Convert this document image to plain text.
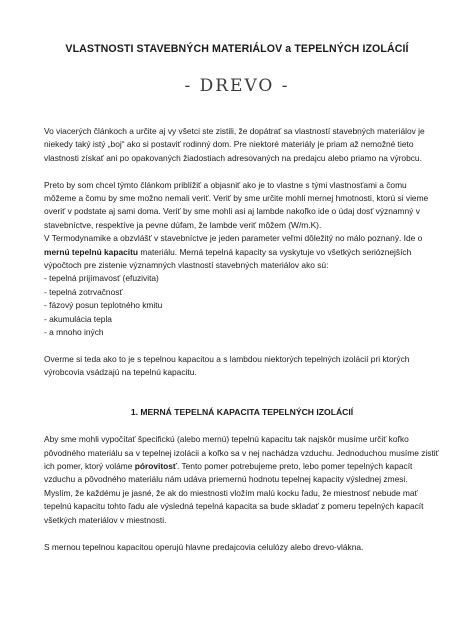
VLASTNOSTI STAVEBNÝCH MATERIÁLOV a TEPELNÝCH IZOLÁCIÍ
- DREVO -

Vo viacerých článkoch a určite aj vy všetci ste zistili, že dopátrať sa vlastností stavebných materiálov je niekedy taký istý „boj“ ako si postaviť rodinný dom. Pre niektoré materiály je priam až nemožné tieto vlastnosti získať ani po opakovaných žiadostiach adresovaných na predajcu alebo priamo na výrobcu.

Preto by som chcel týmto článkom priblížiť a objasniť ako je to vlastne s tými vlastnosťami a čomu môžeme a čomu by sme možno nemali veriť. Veriť by sme určite mohli mernej hmotnosti, ktorú si vieme overiť v podstate aj sami doma. Veriť by sme mohli asi aj lambde nakoľko ide o údaj dosť významný v stavebníctve, respektíve ja pevne dúfam, že lambde veriť môžem (W/m.K).

V Termodynamike a obzvlášť v stavebníctve je jeden parameter veľmi dôležitý no málo poznaný. Ide o mernú tepelnú kapacitu materiálu. Merná tepelná kapacity sa vyskytuje vo všetkých seriózne​jších výpočtoch pre zistenie významných vlastností stavebných materiálov ako sú:

- tepelná prijímavosť (efuzivita)

- tepelná zotrvačnosť

- fázový posun teplotného kmitu

- akumulácia tepla

- a mnoho iných

Overme si teda ako to je s tepelnou kapacitou a s lambdou niektorých tepelných izolácií pri ktorých výrobcovia vsádzajú na tepelnú kapacitu.

1. MERNÁ TEPELNÁ KAPACITA TEPELNÝCH IZOLÁCIÍ

Aby sme mohli vypočítať špecifickú (alebo mernú) tepelnú kapacitu tak najskôr musíme určiť koľko pôvodného materiálu sa v tepelnej izolácii a koľko sa v nej nachádza vzduchu. Jednoduchou musíme zistiť ich pomer, ktorý voláme pórovitosť. Tento pomer potrebujeme preto, lebo pomer tepelných kapacít vzduchu a pôvodného materiálu nám udáva priemernú hodnotu tepelnej kapacity výslednej zmesi.

Myslím, že každému je jasné, že ak do miestnosti vložím malú kocku ľadu, že miestnosť nebude mať tepelnú kapacitu tohto ľadu ale výsledná tepelná kapacita sa bude skladať z pomeru tepelných kapacít všetkých materiálov v miestnosti.

S mernou tepelnou kapacitou operujú hlavne predajcovia celulózy alebo drevo-vlákna.
